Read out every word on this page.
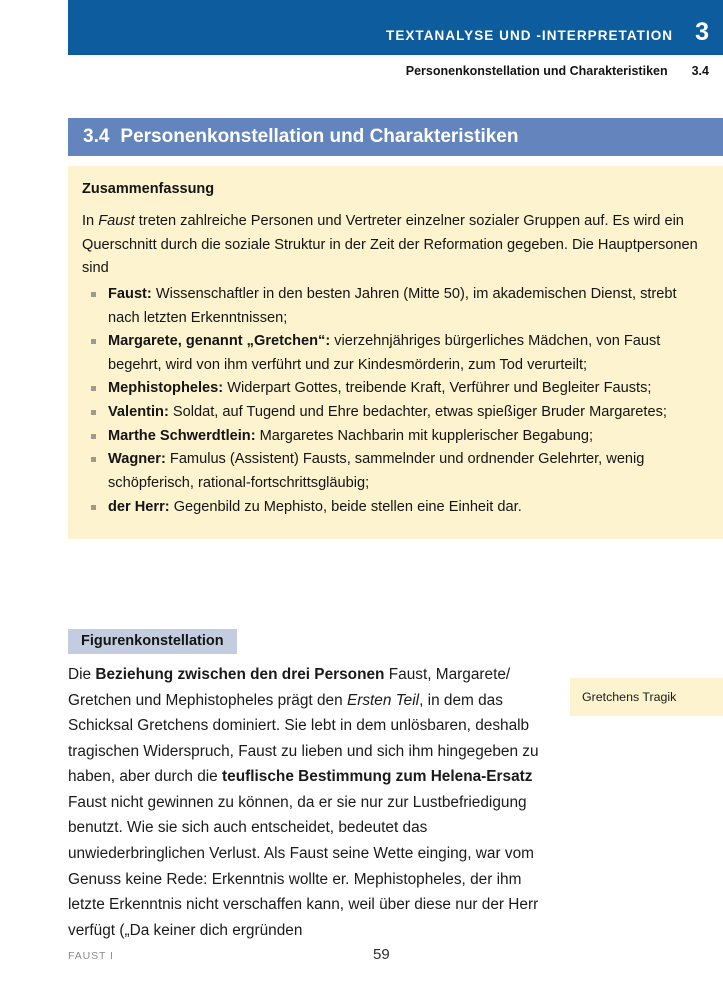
TEXTANALYSE UND -INTERPRETATION 3
Personenkonstellation und Charakteristiken 3.4
3.4 Personenkonstellation und Charakteristiken
Zusammenfassung

In Faust treten zahlreiche Personen und Vertreter einzelner sozialer Gruppen auf. Es wird ein Querschnitt durch die soziale Struktur in der Zeit der Reformation gegeben. Die Hauptpersonen sind

Faust: Wissenschaftler in den besten Jahren (Mitte 50), im akademischen Dienst, strebt nach letzten Erkenntnissen;
Margarete, genannt „Gretchen“: vierzehnjähriges bürgerliches Mädchen, von Faust begehrt, wird von ihm verführt und zur Kindesmörderin, zum Tod verurteilt;
Mephistopheles: Widerpart Gottes, treibende Kraft, Verführer und Begleiter Fausts;
Valentin: Soldat, auf Tugend und Ehre bedachter, etwas spießiger Bruder Margaretes;
Marthe Schwerdtlein: Margaretes Nachbarin mit kupplerischer Begabung;
Wagner: Famulus (Assistent) Fausts, sammelnder und ordnender Gelehrter, wenig schöpferisch, rational-fortschrittsgläubig;
der Herr: Gegenbild zu Mephisto, beide stellen eine Einheit dar.
Figurenkonstellation
Gretchens Tragik

Die Beziehung zwischen den drei Personen Faust, Margarete/ Gretchen und Mephistopheles prägt den Ersten Teil, in dem das Schicksal Gretchens dominiert. Sie lebt in dem unlösbaren, deshalb tragischen Widerspruch, Faust zu lieben und sich ihm hingegeben zu haben, aber durch die teuflische Bestimmung zum Helena-Ersatz Faust nicht gewinnen zu können, da er sie nur zur Lustbefriedigung benutzt. Wie sie sich auch entscheidet, bedeutet das unwiederbringlichen Verlust. Als Faust seine Wette einging, war vom Genuss keine Rede: Erkenntnis wollte er. Mephistopheles, der ihm letzte Erkenntnis nicht verschaffen kann, weil über diese nur der Herr verfügt („Da keiner dich ergründen

FAUST I	59
